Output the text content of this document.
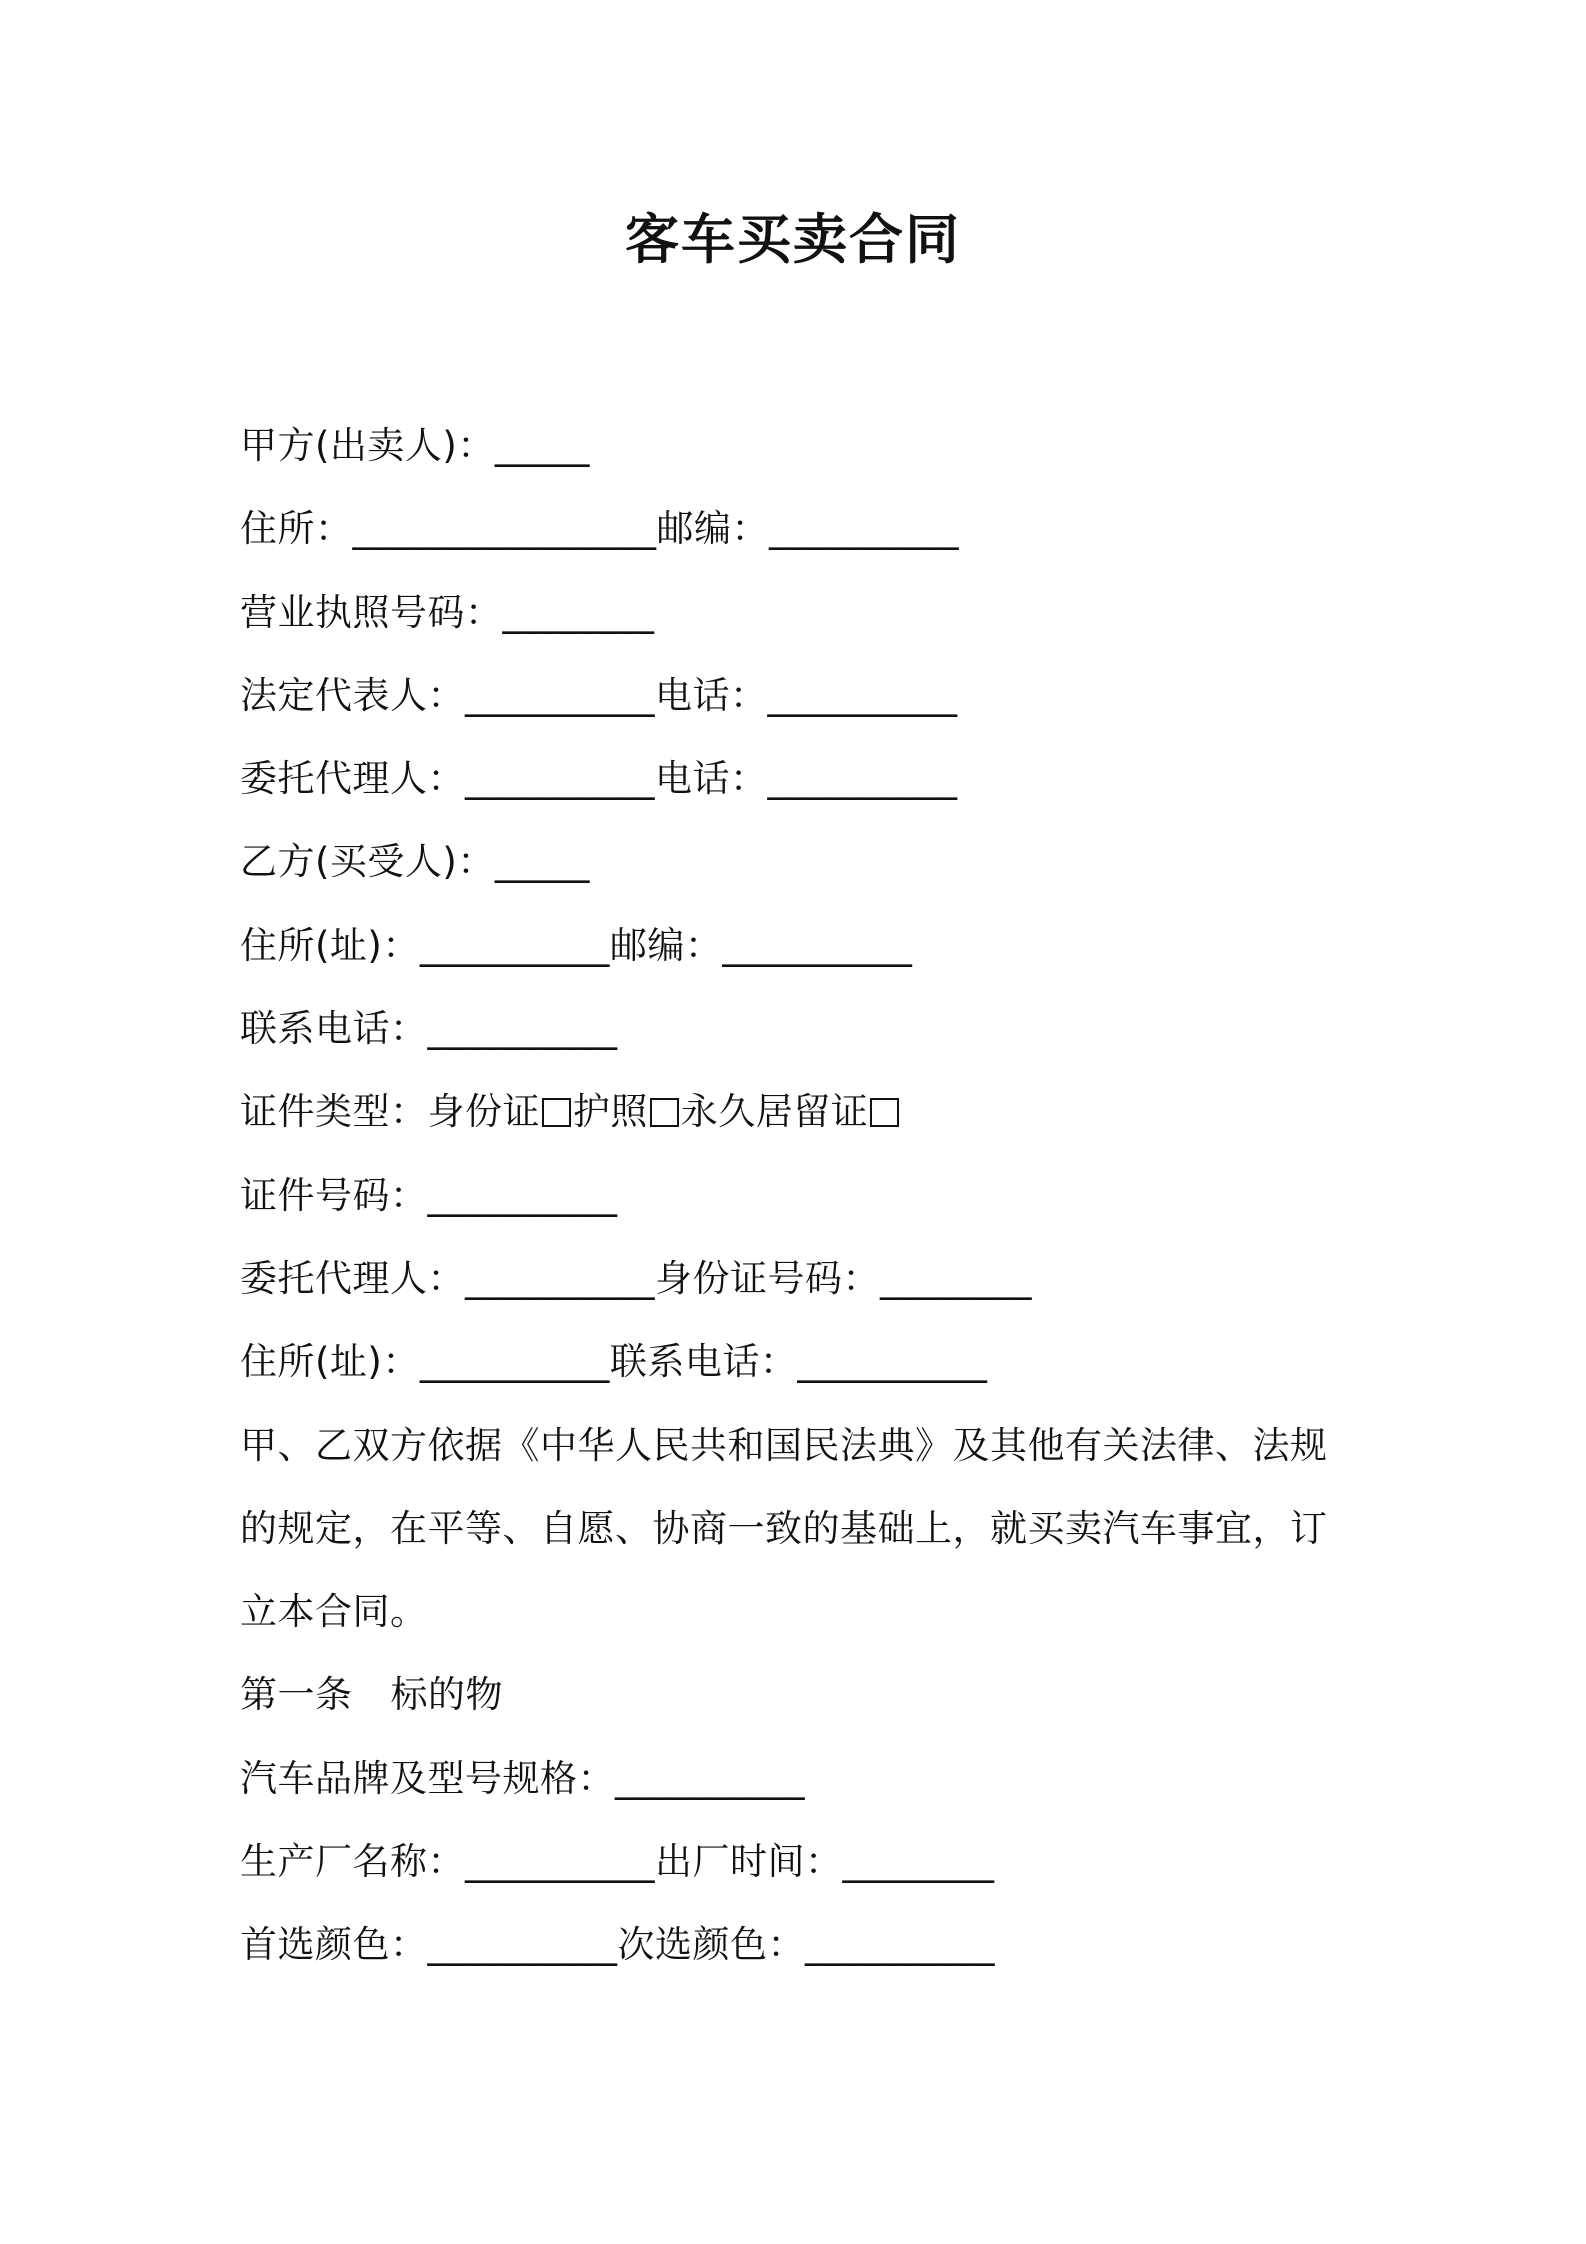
客车买卖合同
甲方(出卖人)：_____
住所：________________邮编：__________
营业执照号码：________
法定代表人：__________电话：__________
委托代理人：__________电话：__________
乙方(买受人)：_____
住所(址)：__________邮编：__________
联系电话：__________
证件类型：身份证 护照 永久居留证
证件号码：__________
委托代理人：__________身份证号码：________
住所(址)：__________联系电话：__________
甲、乙双方依据《中华人民共和国民法典》及其他有关法律、法规的规定，在平等、自愿、协商一致的基础上，就买卖汽车事宜，订立本合同。
第一条 标的物
汽车品牌及型号规格：__________
生产厂名称：__________出厂时间：________
首选颜色：__________次选颜色：__________
